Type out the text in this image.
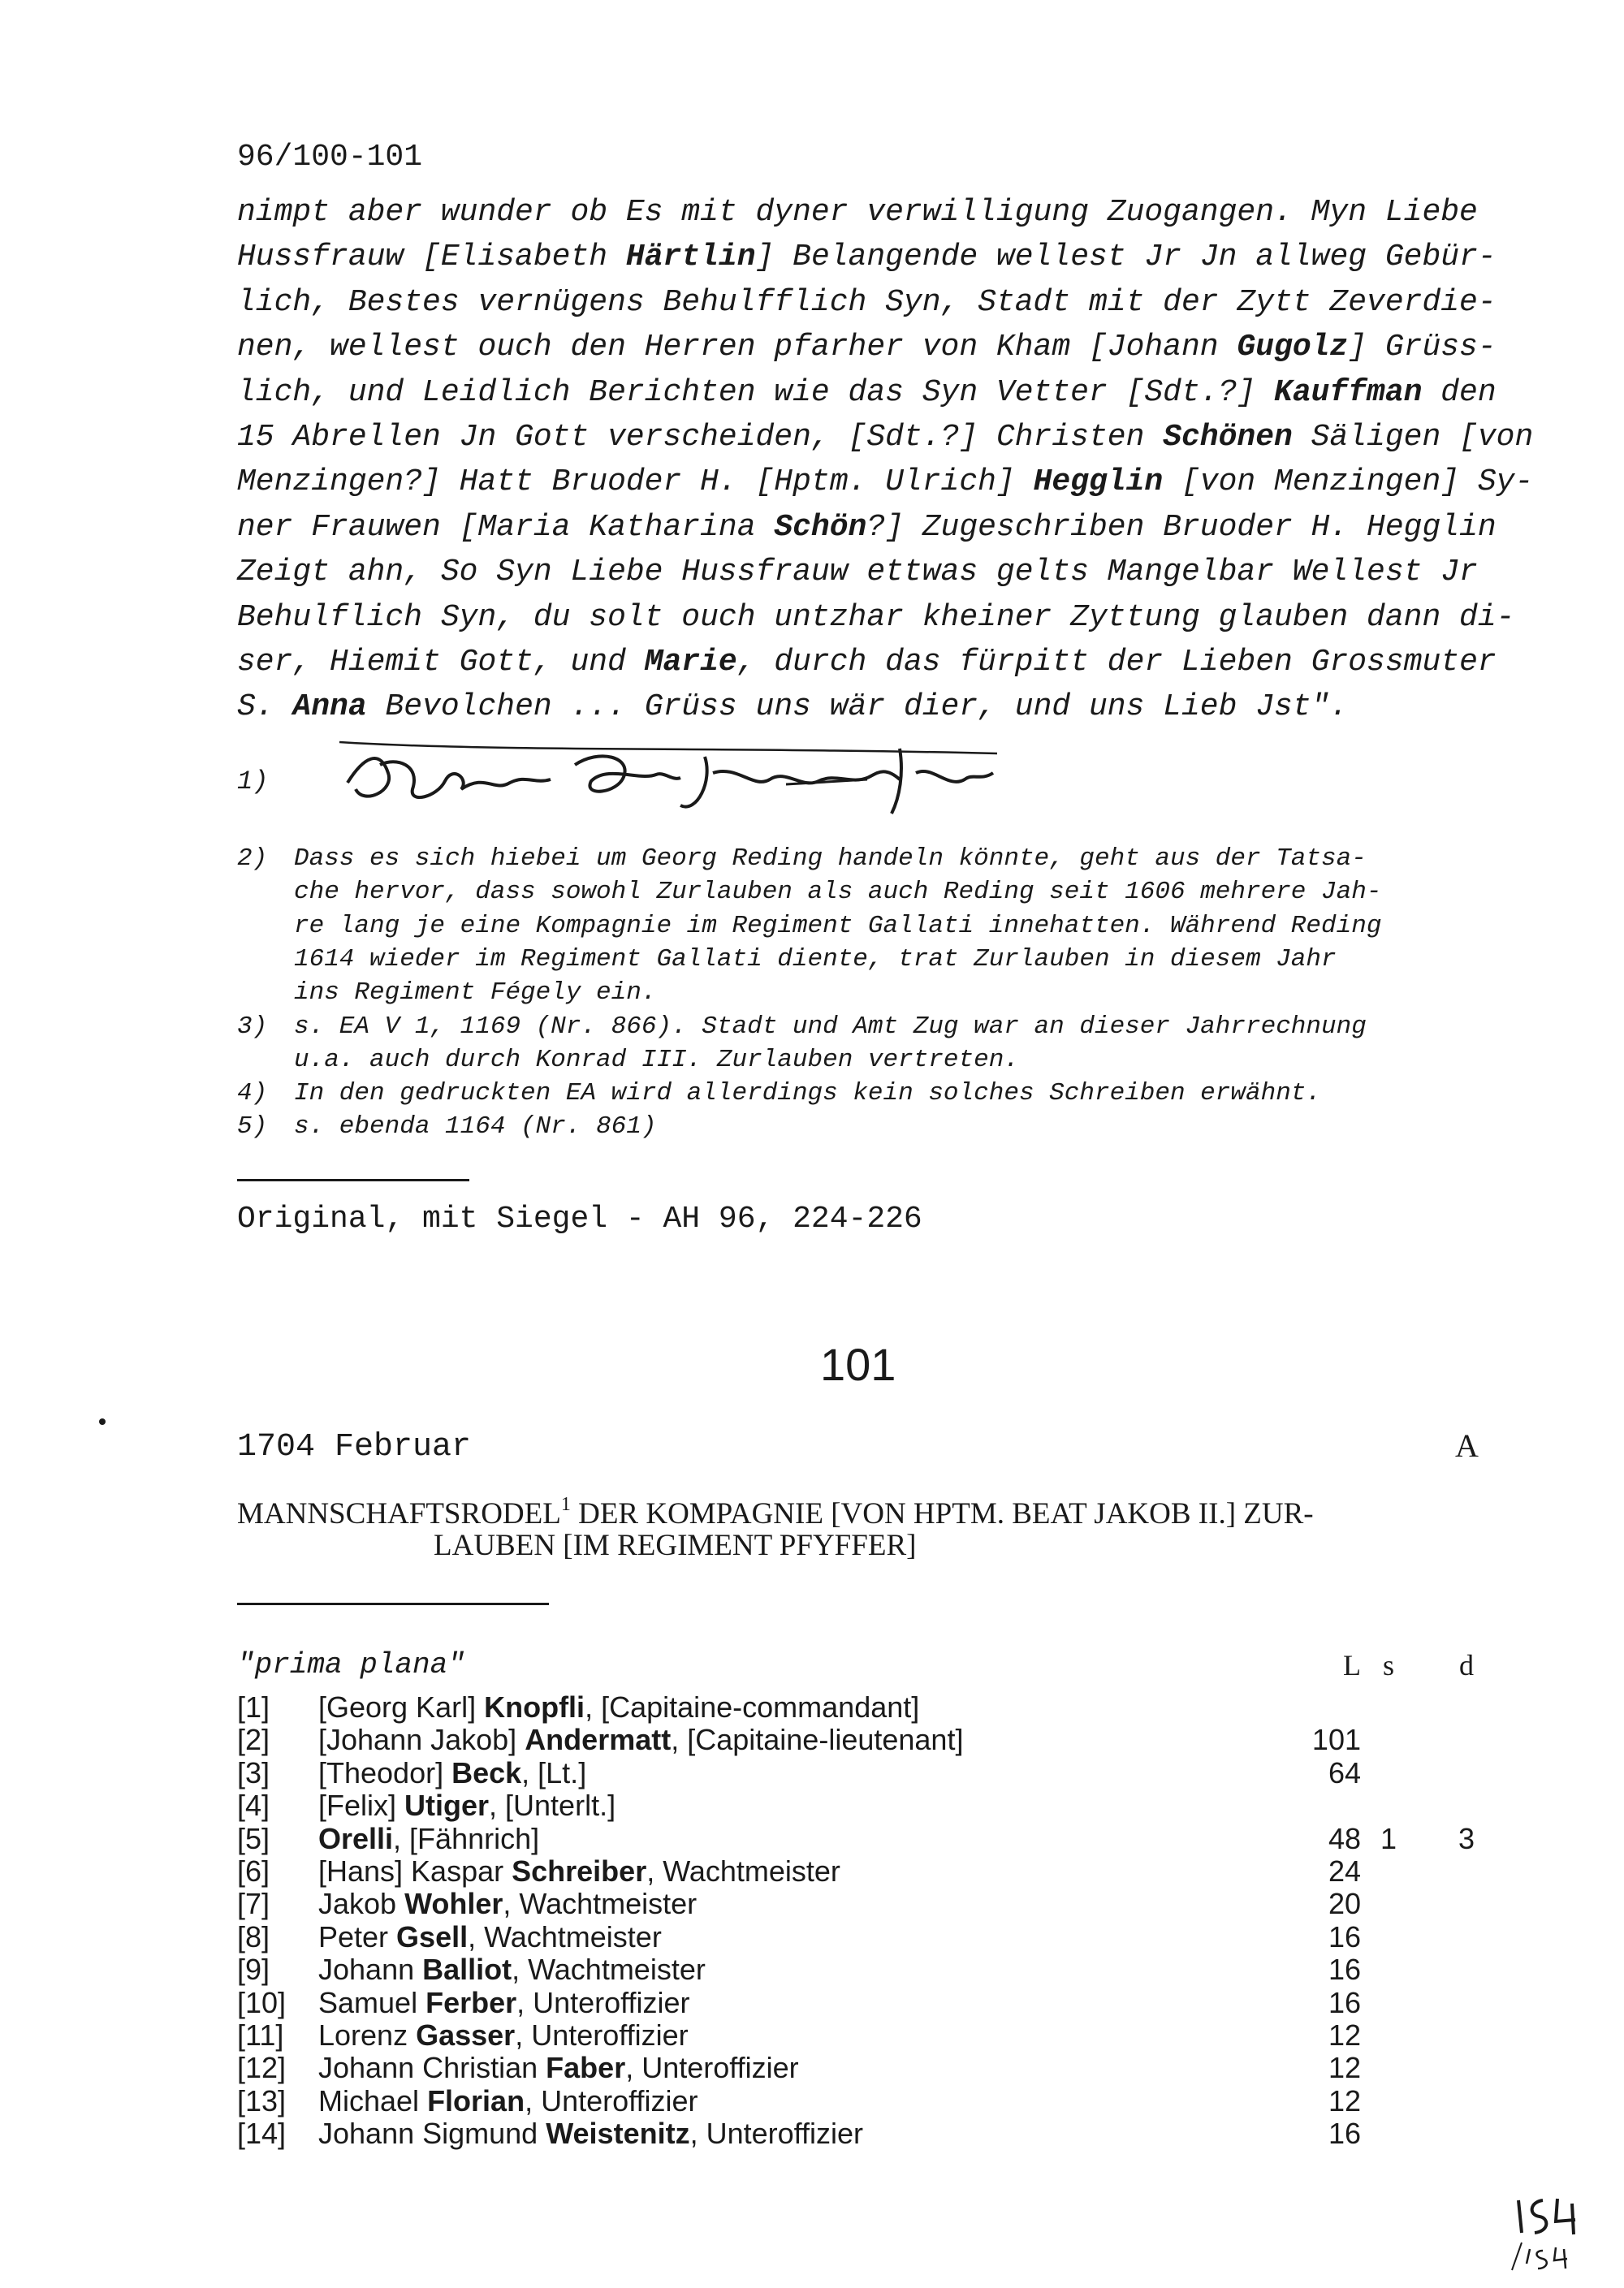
96/100-101
nimpt aber wunder ob Es mit dyner verwilligung Zuogangen. Myn Liebe
Hussfrauw [Elisabeth Härtlin] Belangende wellest Jr Jn allweg Gebür-
lich, Bestes vernügens Behulfflich Syn, Stadt mit der Zytt Zeverdie-
nen, wellest ouch den Herren pfarher von Kham [Johann Gugolz] Grüss-
lich, und Leidlich Berichten wie das Syn Vetter [Sdt.?] Kauffman den
15 Abrellen Jn Gott verscheiden, [Sdt.?] Christen Schönen Säligen [von
Menzingen?] Hatt Bruoder H. [Hptm. Ulrich] Hegglin [von Menzingen] Sy-
ner Frauwen [Maria Katharina Schön?] Zugeschriben Bruoder H. Hegglin
Zeigt ahn, So Syn Liebe Hussfrauw ettwas gelts Mangelbar Wellest Jr
Behulflich Syn, du solt ouch untzhar kheiner Zyttung glauben dann di-
ser, Hiemit Gott, und Marie, durch das fürpitt der Lieben Grossmuter
S. Anna Bevolchen ... Grüss uns wär dier, und uns Lieb Jst".
1)
2) Dass es sich hiebei um Georg Reding handeln könnte, geht aus der Tatsa-
che hervor, dass sowohl Zurlauben als auch Reding seit 1606 mehrere Jah-
re lang je eine Kompagnie im Regiment Gallati innehatten. Während Reding
1614 wieder im Regiment Gallati diente, trat Zurlauben in diesem Jahr
ins Regiment Fégely ein.
3) s. EA V 1, 1169 (Nr. 866). Stadt und Amt Zug war an dieser Jahrrechnung
u.a. auch durch Konrad III. Zurlauben vertreten.
4) In den gedruckten EA wird allerdings kein solches Schreiben erwähnt.
5) s. ebenda 1164 (Nr. 861)
Original, mit Siegel - AH 96, 224-226
101
1704 Februar	A
MANNSCHAFTSRODEL$^1$ DER KOMPAGNIE [VON HPTM. BEAT JAKOB II.] ZUR-
LAUBEN [IM REGIMENT PFYFFER]
"prima plana"	L s	d
[1] [Georg Karl] Knopfli, [Capitaine-commandant]
[2] [Johann Jakob] Andermatt, [Capitaine-lieutenant]	101
[3] [Theodor] Beck, [Lt.]	64
[4] [Felix] Utiger, [Unterlt.]
[5] Orelli, [Fähnrich]	48 1 3
[6] [Hans] Kaspar Schreiber, Wachtmeister	24
[7] Jakob Wohler, Wachtmeister	20
[8] Peter Gsell, Wachtmeister	16
[9] Johann Balliot, Wachtmeister	16
[10] Samuel Ferber, Unteroffizier	16
[11] Lorenz Gasser, Unteroffizier	12
[12] Johann Christian Faber, Unteroffizier	12
[13] Michael Florian, Unteroffizier	12
[14] Johann Sigmund Weistenitz, Unteroffizier	16
